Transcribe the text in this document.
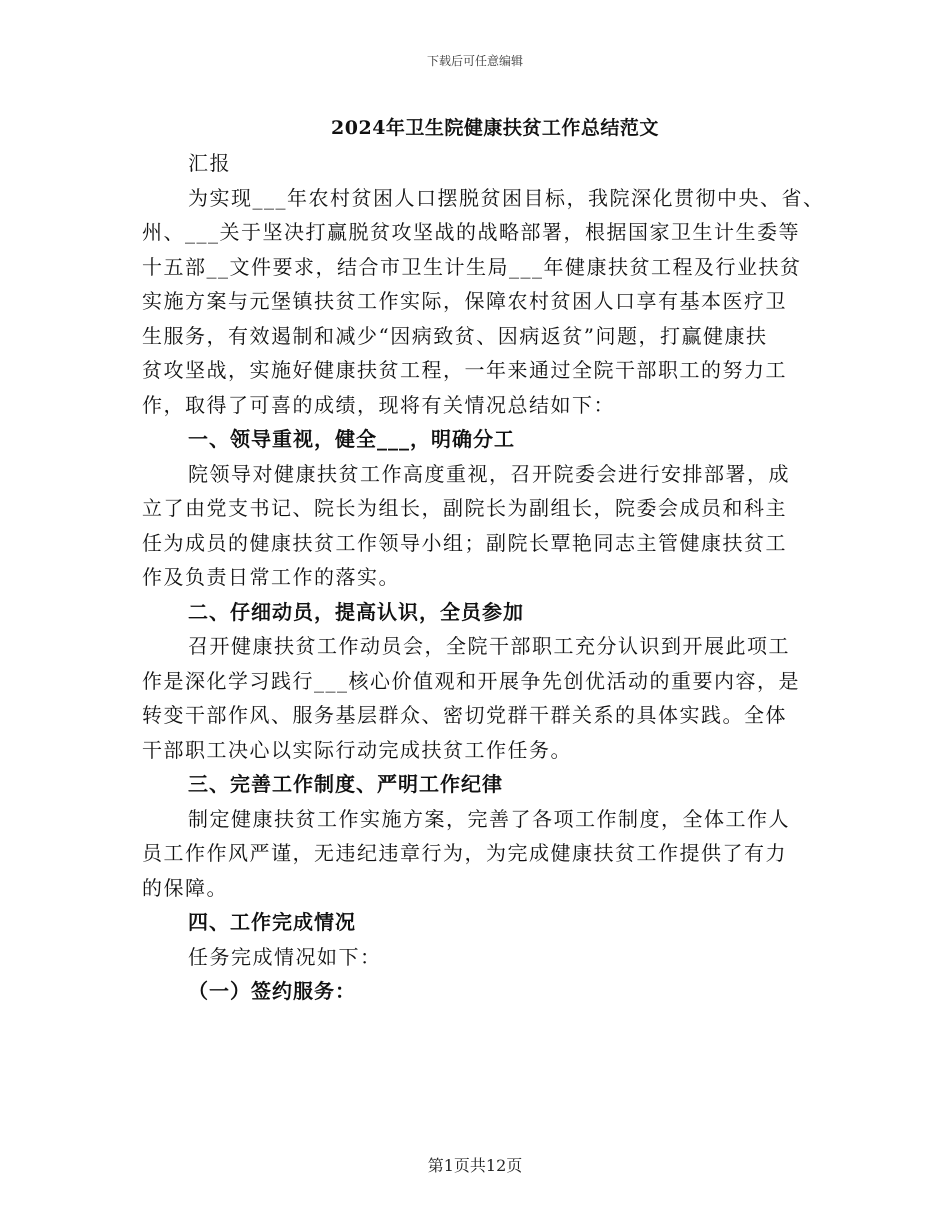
下载后可任意编辑
2024年卫生院健康扶贫工作总结范文
汇报
为实现___年农村贫困人口摆脱贫困目标，我院深化贯彻中央、省、
州、___关于坚决打赢脱贫攻坚战的战略部署，根据国家卫生计生委等
十五部__文件要求，结合市卫生计生局___年健康扶贫工程及行业扶贫
实施方案与元堡镇扶贫工作实际，保障农村贫困人口享有基本医疗卫
生服务，有效遏制和减少“因病致贫、因病返贫”问题，打赢健康扶
贫攻坚战，实施好健康扶贫工程，一年来通过全院干部职工的努力工
作，取得了可喜的成绩，现将有关情况总结如下：
一、领导重视，健全___，明确分工
院领导对健康扶贫工作高度重视，召开院委会进行安排部署，成
立了由党支书记、院长为组长，副院长为副组长，院委会成员和科主
任为成员的健康扶贫工作领导小组；副院长覃艳同志主管健康扶贫工
作及负责日常工作的落实。
二、仔细动员，提高认识，全员参加
召开健康扶贫工作动员会，全院干部职工充分认识到开展此项工
作是深化学习践行___核心价值观和开展争先创优活动的重要内容，是
转变干部作风、服务基层群众、密切党群干群关系的具体实践。全体
干部职工决心以实际行动完成扶贫工作任务。
三、完善工作制度、严明工作纪律
制定健康扶贫工作实施方案，完善了各项工作制度，全体工作人
员工作作风严谨，无违纪违章行为，为完成健康扶贫工作提供了有力
的保障。
四、工作完成情况
任务完成情况如下：
（一）签约服务：
第1页共12页
